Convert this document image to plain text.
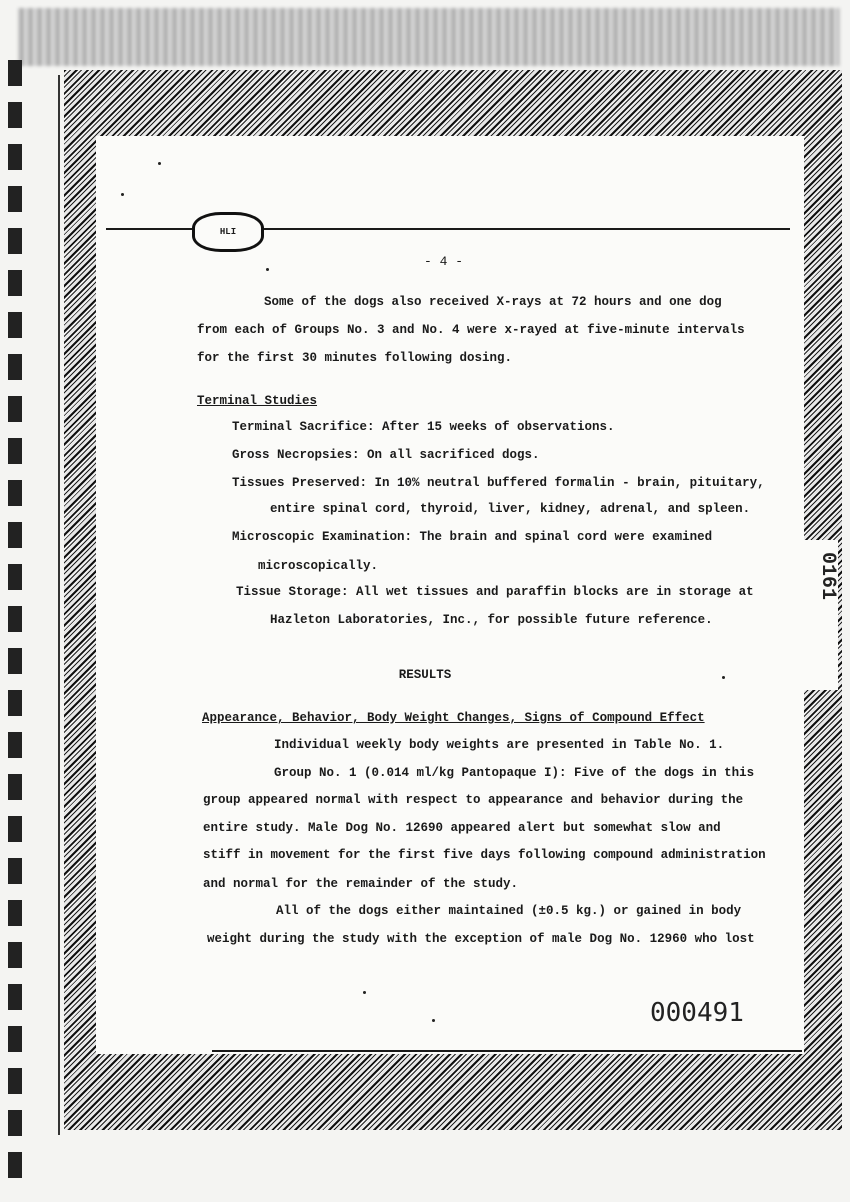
0161
HLI
- 4 -
Some of the dogs also received X-rays at 72 hours and one dog
from each of Groups No. 3 and No. 4 were x-rayed at five-minute intervals
for the first 30 minutes following dosing.
Terminal Studies
Terminal Sacrifice: After 15 weeks of observations.
Gross Necropsies: On all sacrificed dogs.
Tissues Preserved: In 10% neutral buffered formalin - brain, pituitary,
entire spinal cord, thyroid, liver, kidney, adrenal, and spleen.
Microscopic Examination: The brain and spinal cord were examined
microscopically.
Tissue Storage: All wet tissues and paraffin blocks are in storage at
Hazleton Laboratories, Inc., for possible future reference.
RESULTS
Appearance, Behavior, Body Weight Changes, Signs of Compound Effect
Individual weekly body weights are presented in Table No. 1.
Group No. 1 (0.014 ml/kg Pantopaque I): Five of the dogs in this
group appeared normal with respect to appearance and behavior during the
entire study. Male Dog No. 12690 appeared alert but somewhat slow and
stiff in movement for the first five days following compound administration
and normal for the remainder of the study.
All of the dogs either maintained (±0.5 kg.) or gained in body
weight during the study with the exception of male Dog No. 12960 who lost
000491
